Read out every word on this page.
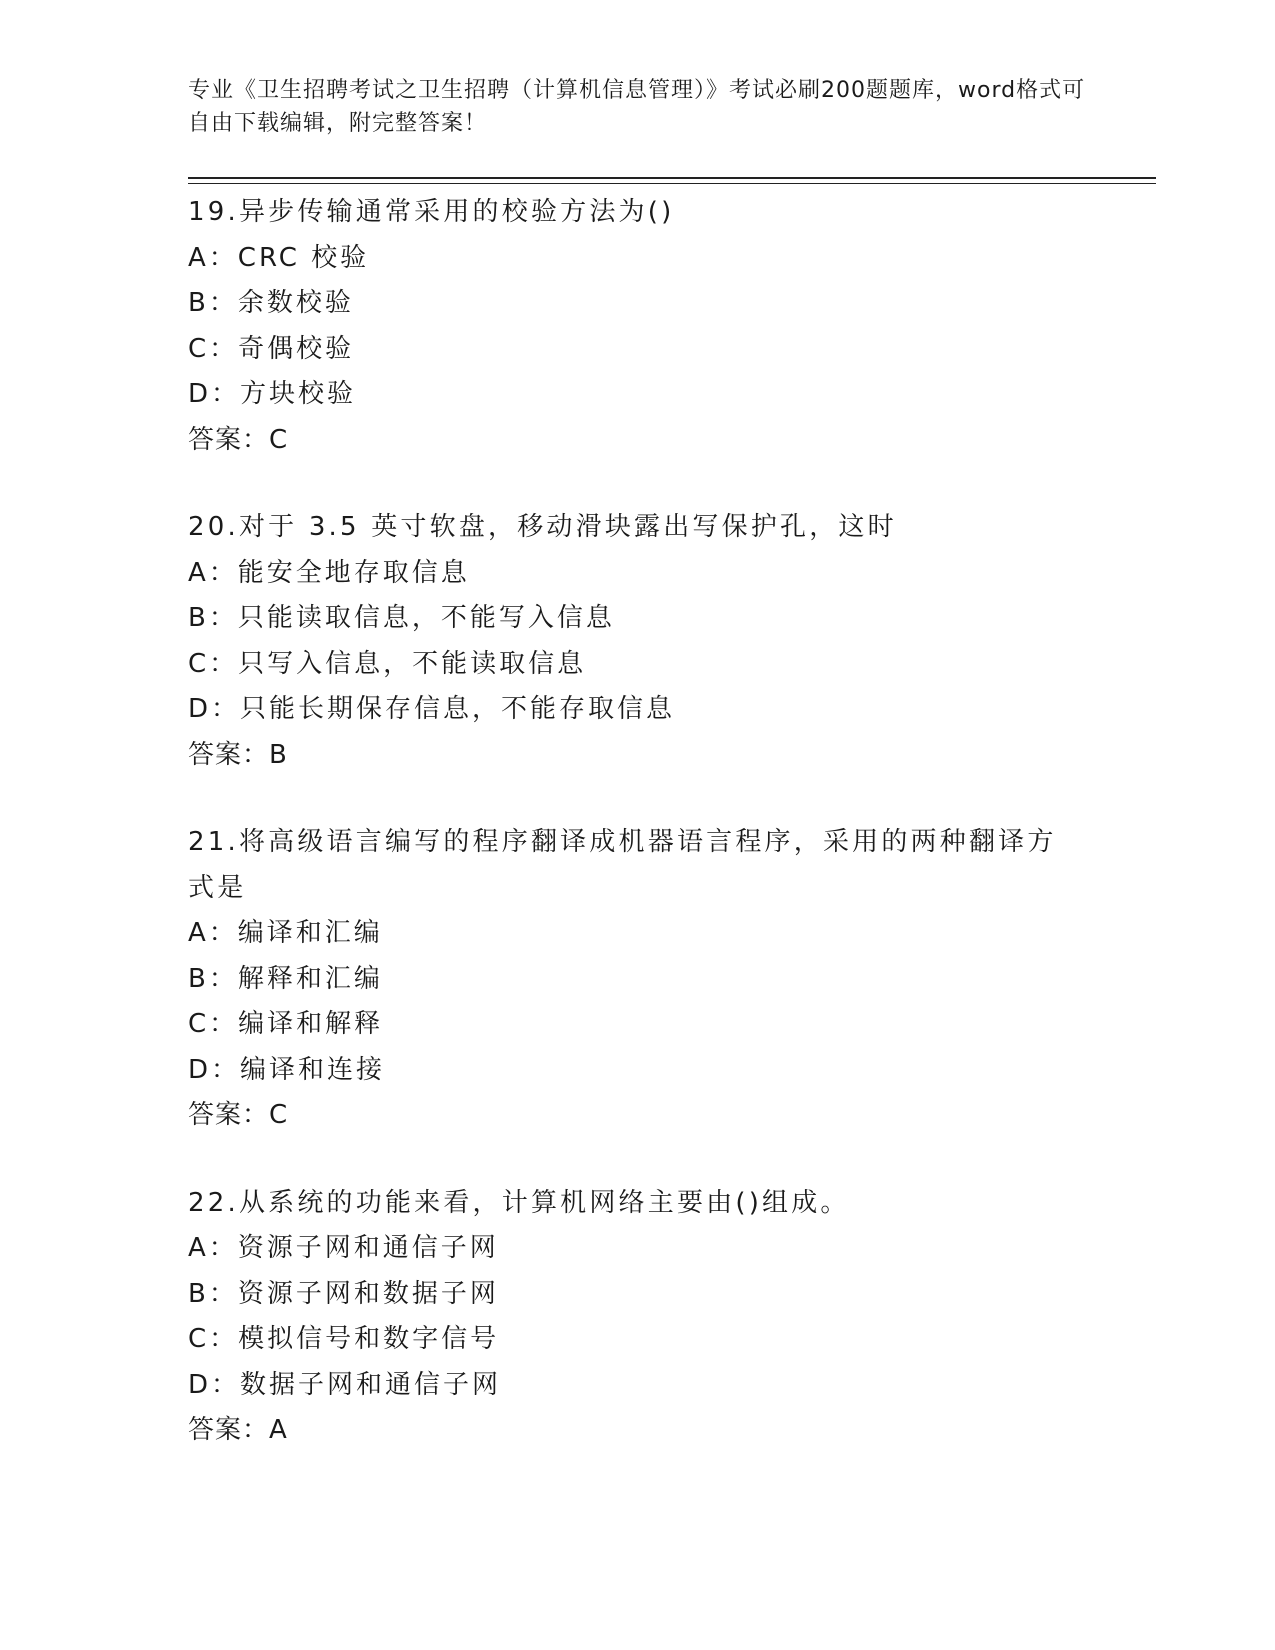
专业《卫生招聘考试之卫生招聘（计算机信息管理）》考试必刷200题题库，word格式可自由下载编辑，附完整答案！
19.异步传输通常采用的校验方法为()
A：CRC 校验
B：余数校验
C：奇偶校验
D：方块校验
答案：C
20.对于 3.5 英寸软盘，移动滑块露出写保护孔，这时
A：能安全地存取信息
B：只能读取信息，不能写入信息
C：只写入信息，不能读取信息
D：只能长期保存信息，不能存取信息
答案：B
21.将高级语言编写的程序翻译成机器语言程序，采用的两种翻译方式是
A：编译和汇编
B：解释和汇编
C：编译和解释
D：编译和连接
答案：C
22.从系统的功能来看，计算机网络主要由()组成。
A：资源子网和通信子网
B：资源子网和数据子网
C：模拟信号和数字信号
D：数据子网和通信子网
答案：A
